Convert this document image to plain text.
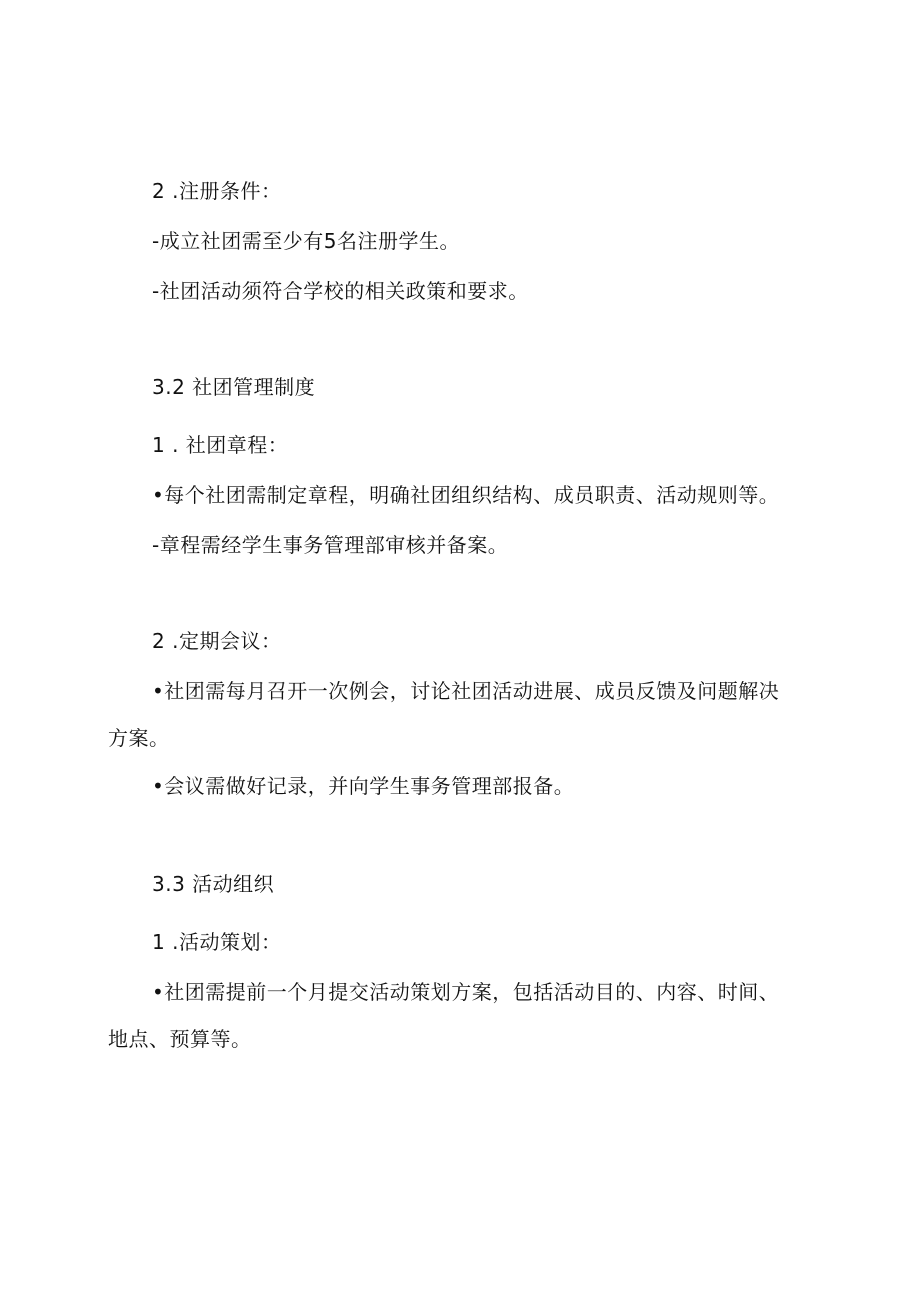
2 .注册条件：
-成立社团需至少有5名注册学生。
-社团活动须符合学校的相关政策和要求。
3.2 社团管理制度
1 . 社团章程：
•每个社团需制定章程，明确社团组织结构、成员职责、活动规则等。
-章程需经学生事务管理部审核并备案。
2 .定期会议：
•社团需每月召开一次例会，讨论社团活动进展、成员反馈及问题解决
方案。
•会议需做好记录，并向学生事务管理部报备。
3.3 活动组织
1 .活动策划：
•社团需提前一个月提交活动策划方案，包括活动目的、内容、时间、
地点、预算等。
